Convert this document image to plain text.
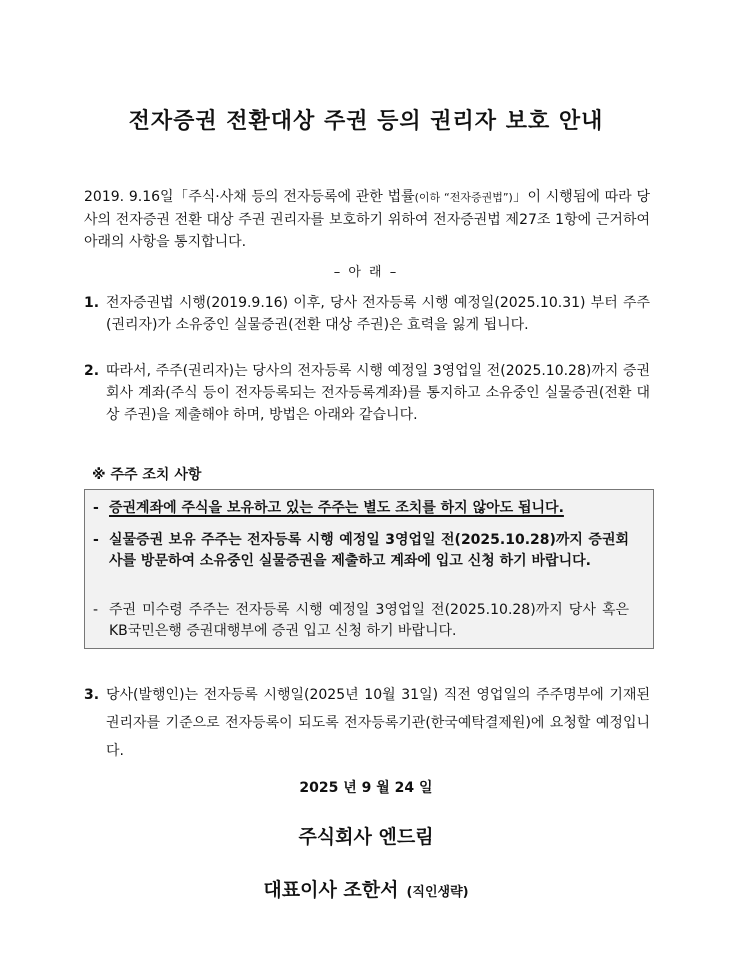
전자증권 전환대상 주권 등의 권리자 보호 안내
2019. 9.16일「주식·사채 등의 전자등록에 관한 법률(이하 “전자증권법”)」이 시행됨에 따라 당사의 전자증권 전환 대상 주권 권리자를 보호하기 위하여 전자증권법 제27조 1항에 근거하여 아래의 사항을 통지합니다.
– 아 래 –
1. 전자증권법 시행(2019.9.16) 이후, 당사 전자등록 시행 예정일(2025.10.31) 부터 주주(권리자)가 소유중인 실물증권(전환 대상 주권)은 효력을 잃게 됩니다.
2. 따라서, 주주(권리자)는 당사의 전자등록 시행 예정일 3영업일 전(2025.10.28)까지 증권회사 계좌(주식 등이 전자등록되는 전자등록계좌)를 통지하고 소유중인 실물증권(전환 대상 주권)을 제출해야 하며, 방법은 아래와 같습니다.
※ 주주 조치 사항
- 증권계좌에 주식을 보유하고 있는 주주는 별도 조치를 하지 않아도 됩니다.
- 실물증권 보유 주주는 전자등록 시행 예정일 3영업일 전(2025.10.28)까지 증권회사를 방문하여 소유중인 실물증권을 제출하고 계좌에 입고 신청 하기 바랍니다.
- 주권 미수령 주주는 전자등록 시행 예정일 3영업일 전(2025.10.28)까지 당사 혹은 KB국민은행 증권대행부에 증권 입고 신청 하기 바랍니다.
3. 당사(발행인)는 전자등록 시행일(2025년 10월 31일) 직전 영업일의 주주명부에 기재된 권리자를 기준으로 전자등록이 되도록 전자등록기관(한국예탁결제원)에 요청할 예정입니다.
2025 년 9 월 24 일
주식회사 엔드림
대표이사 조한서 (직인생략)
